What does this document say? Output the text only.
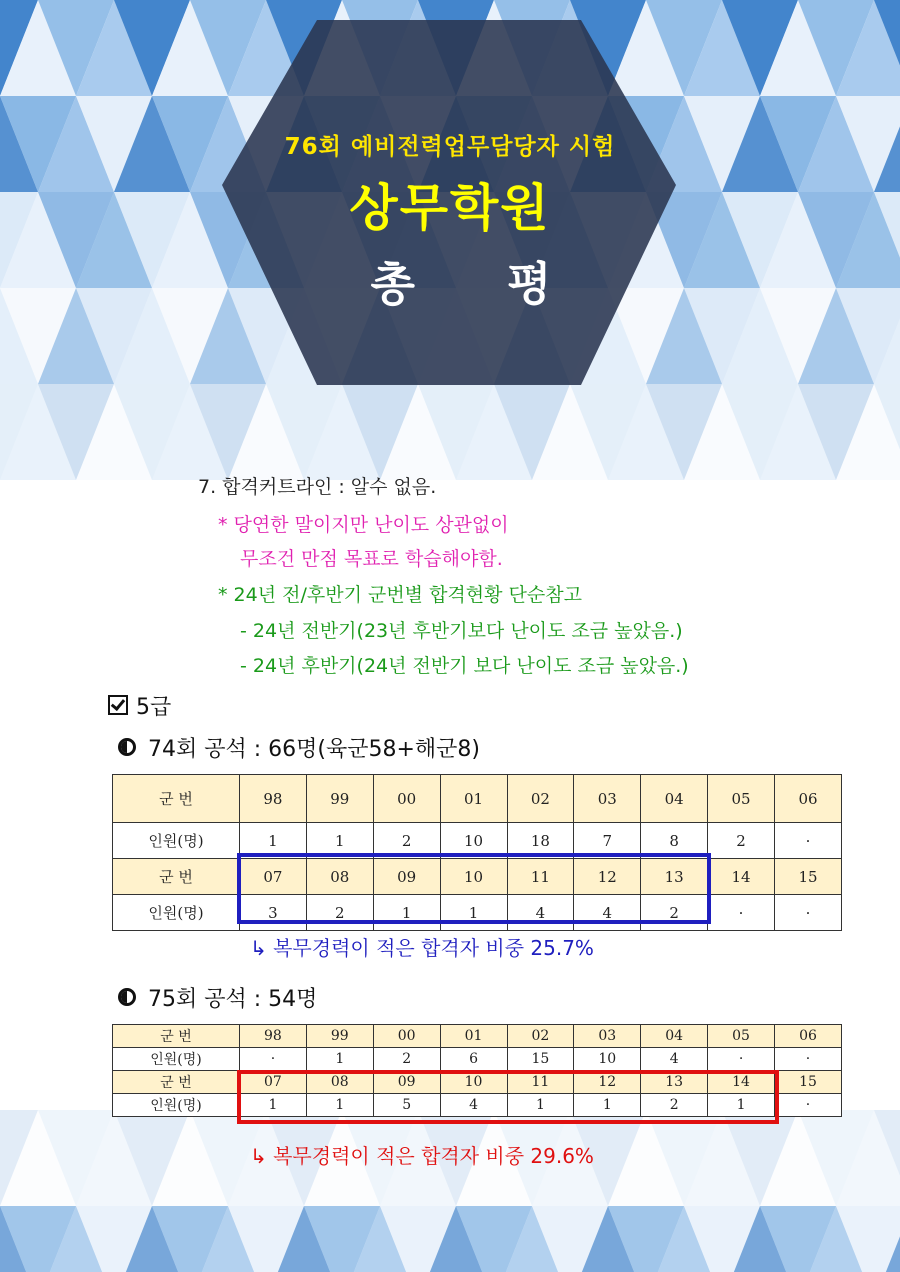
76회 예비전력업무담당자 시험
상무학원
총 평
7. 합격커트라인 : 알수 없음.
* 당연한 말이지만 난이도 상관없이
무조건 만점 목표로 학습해야함.
* 24년 전/후반기 군번별 합격현황 단순참고
- 24년 전반기(23년 후반기보다 난이도 조금 높았음.)
- 24년 후반기(24년 전반기 보다 난이도 조금 높았음.)
5급
74회 공석 : 66명(육군58+해군8)
군 번	98	99	00	01	02	03	04	05	06
인원(명)	1	1	2	10	18	7	8	2	·
군 번	07	08	09	10	11	12	13	14	15
인원(명)	3	2	1	1	4	4	2	·	·
↳ 복무경력이 적은 합격자 비중 25.7%
75회 공석 : 54명
군 번	98	99	00	01	02	03	04	05	06
인원(명)	·	1	2	6	15	10	4	·	·
군 번	07	08	09	10	11	12	13	14	15
인원(명)	1	1	5	4	1	1	2	1	·
↳ 복무경력이 적은 합격자 비중 29.6%
